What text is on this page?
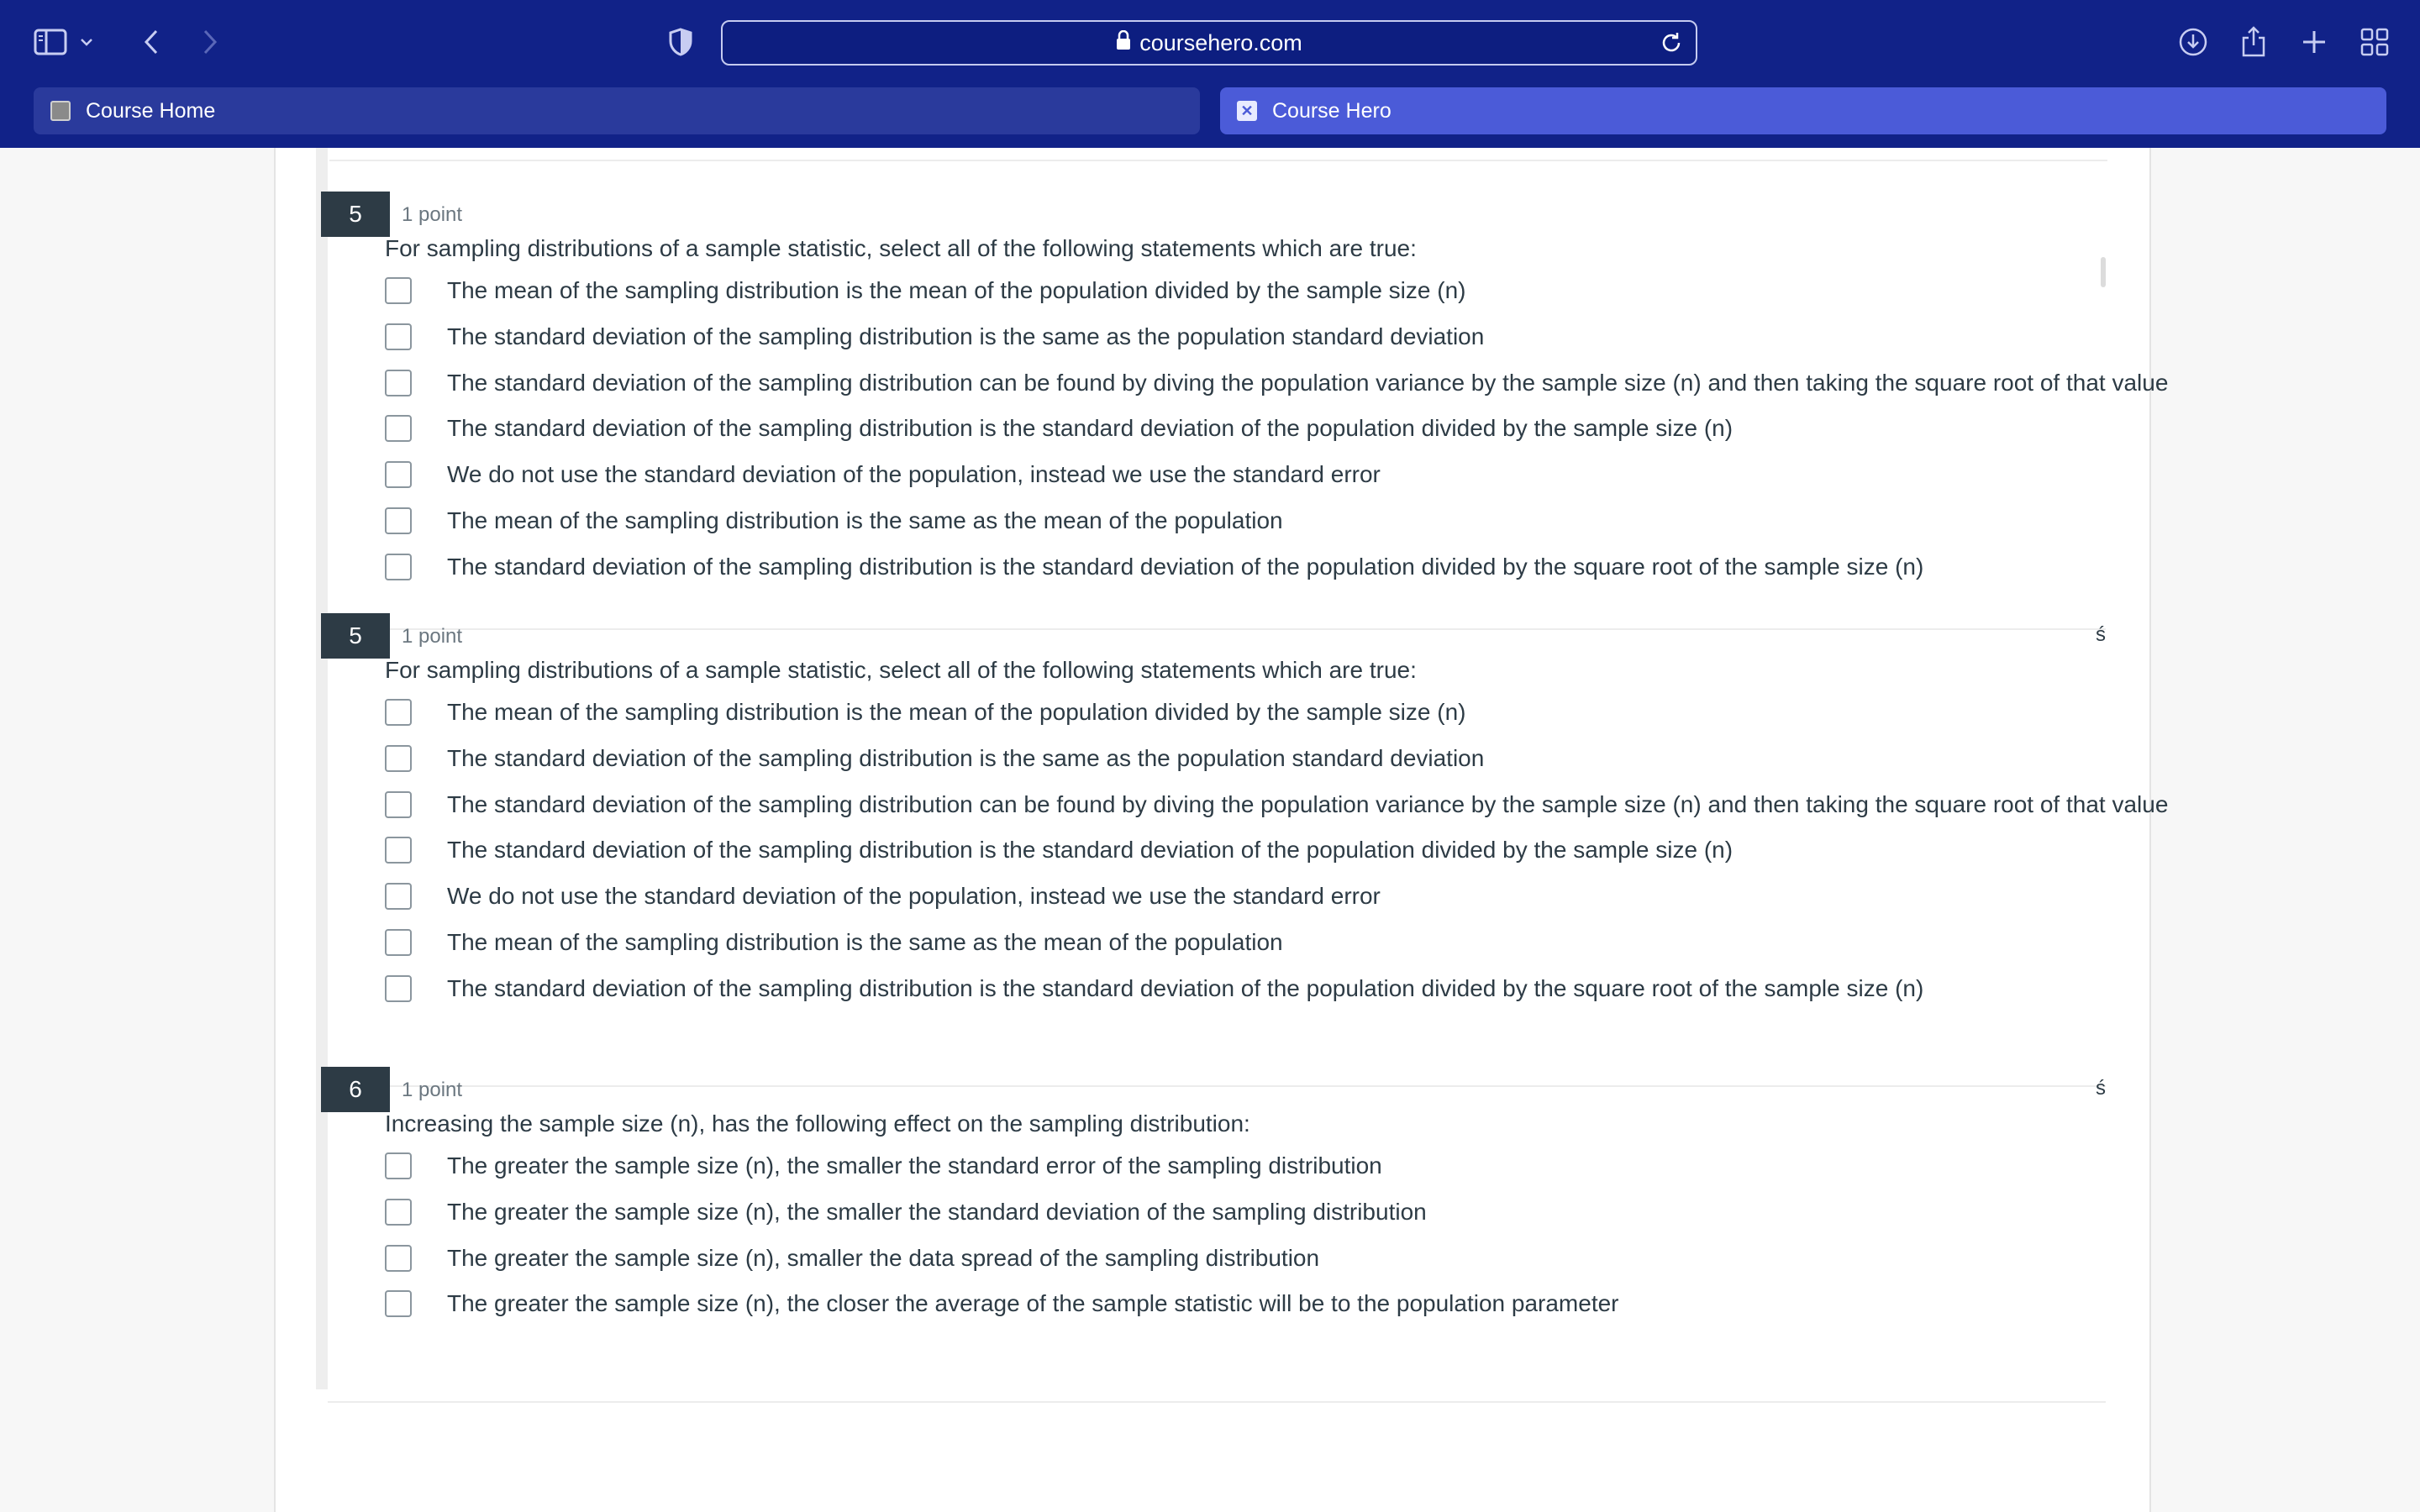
coursehero.com
Course Home	✕ Course Hero
5	1 point
For sampling distributions of a sample statistic, select all of the following statements which are true:
The mean of the sampling distribution is the mean of the population divided by the sample size (n)
The standard deviation of the sampling distribution is the same as the population standard deviation
The standard deviation of the sampling distribution can be found by diving the population variance by the sample size (n) and then taking the square root of that value
The standard deviation of the sampling distribution is the standard deviation of the population divided by the sample size (n)
We do not use the standard deviation of the population, instead we use the standard error
The mean of the sampling distribution is the same as the mean of the population
The standard deviation of the sampling distribution is the standard deviation of the population divided by the square root of the sample size (n)
5	1 point	ś
For sampling distributions of a sample statistic, select all of the following statements which are true:
The mean of the sampling distribution is the mean of the population divided by the sample size (n)
The standard deviation of the sampling distribution is the same as the population standard deviation
The standard deviation of the sampling distribution can be found by diving the population variance by the sample size (n) and then taking the square root of that value
The standard deviation of the sampling distribution is the standard deviation of the population divided by the sample size (n)
We do not use the standard deviation of the population, instead we use the standard error
The mean of the sampling distribution is the same as the mean of the population
The standard deviation of the sampling distribution is the standard deviation of the population divided by the square root of the sample size (n)
6	1 point	ś
Increasing the sample size (n), has the following effect on the sampling distribution:
The greater the sample size (n), the smaller the standard error of the sampling distribution
The greater the sample size (n), the smaller the standard deviation of the sampling distribution
The greater the sample size (n), smaller the data spread of the sampling distribution
The greater the sample size (n), the closer the average of the sample statistic will be to the population parameter
